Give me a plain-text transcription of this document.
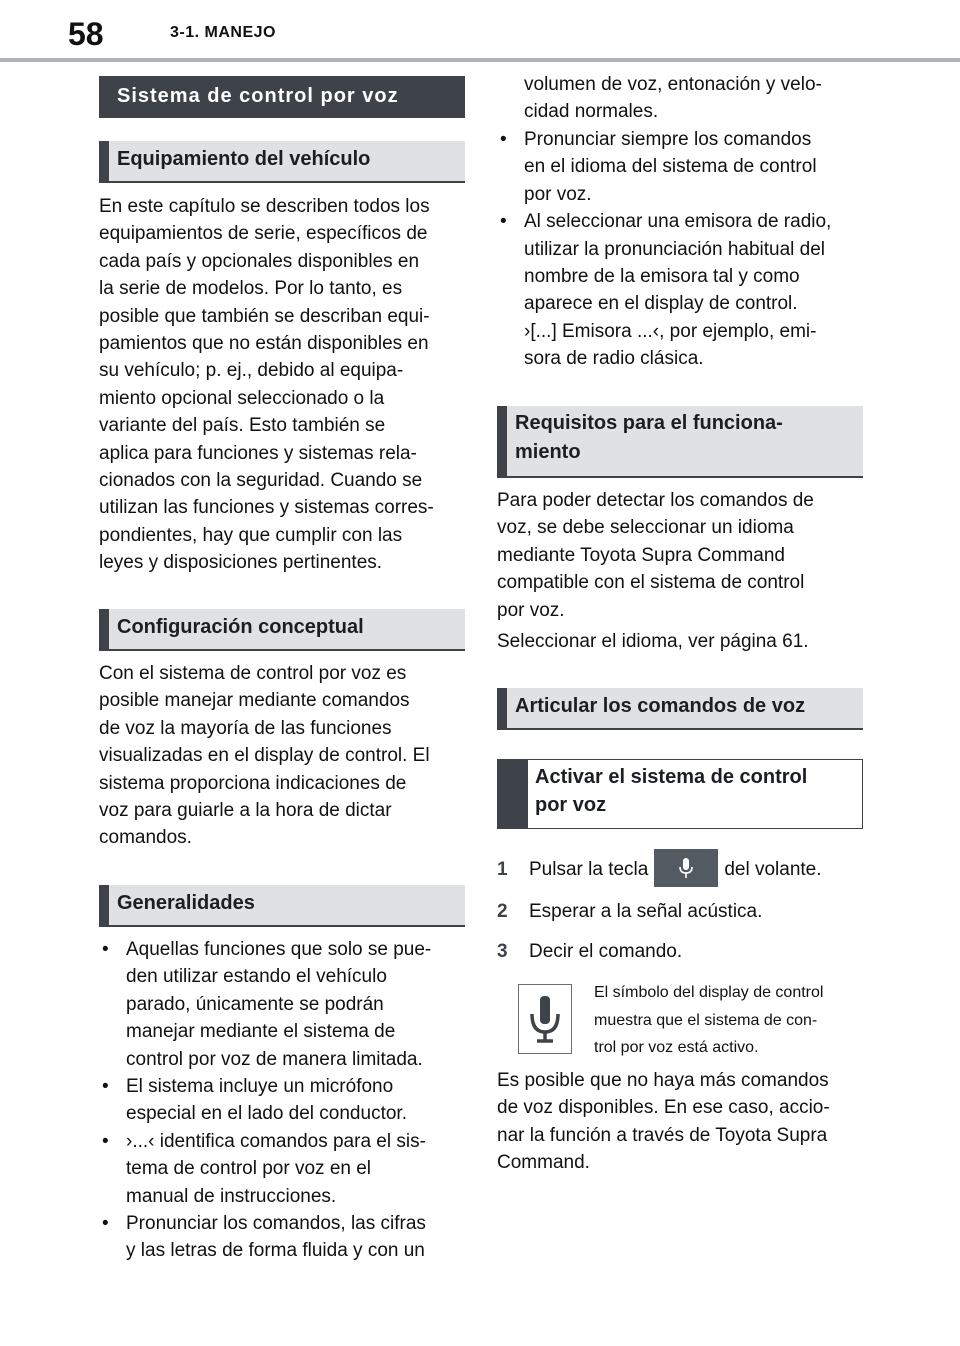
58	3-1. MANEJO
Sistema de control por voz
Equipamiento del vehículo

En este capítulo se describen todos los
equipamientos de serie, específicos de
cada país y opcionales disponibles en
la serie de modelos. Por lo tanto, es
posible que también se describan equi-
pamientos que no están disponibles en
su vehículo; p. ej., debido al equipa-
miento opcional seleccionado o la
variante del país. Esto también se
aplica para funciones y sistemas rela-
cionados con la seguridad. Cuando se
utilizan las funciones y sistemas corres-
pondientes, hay que cumplir con las
leyes y disposiciones pertinentes.

Configuración conceptual

Con el sistema de control por voz es
posible manejar mediante comandos
de voz la mayoría de las funciones
visualizadas en el display de control. El
sistema proporciona indicaciones de
voz para guiarle a la hora de dictar
comandos.

Generalidades
• Aquellas funciones que solo se pue-
den utilizar estando el vehículo
parado, únicamente se podrán
manejar mediante el sistema de
control por voz de manera limitada.
• El sistema incluye un micrófono
especial en el lado del conductor.
• ›...‹ identifica comandos para el sis-
tema de control por voz en el
manual de instrucciones.
• Pronunciar los comandos, las cifras
y las letras de forma fluida y con un

volumen de voz, entonación y velo-
cidad normales.

• Pronunciar siempre los comandos
en el idioma del sistema de control
por voz.
• Al seleccionar una emisora de radio,
utilizar la pronunciación habitual del
nombre de la emisora tal y como
aparece en el display de control.
›[...] Emisora ...‹, por ejemplo, emi-
sora de radio clásica.
Requisitos para el funciona-
miento

Para poder detectar los comandos de
voz, se debe seleccionar un idioma
mediante Toyota Supra Command
compatible con el sistema de control
por voz.

Seleccionar el idioma, ver página 61.

Articular los comandos de voz
Activar el sistema de control
por voz
1 Pulsar la tecla	del volante.
2 Esperar a la señal acústica.
3 Decir el comando.
El símbolo del display de control
muestra que el sistema de con-
trol por voz está activo.

Es posible que no haya más comandos
de voz disponibles. En ese caso, accio-
nar la función a través de Toyota Supra
Command.
